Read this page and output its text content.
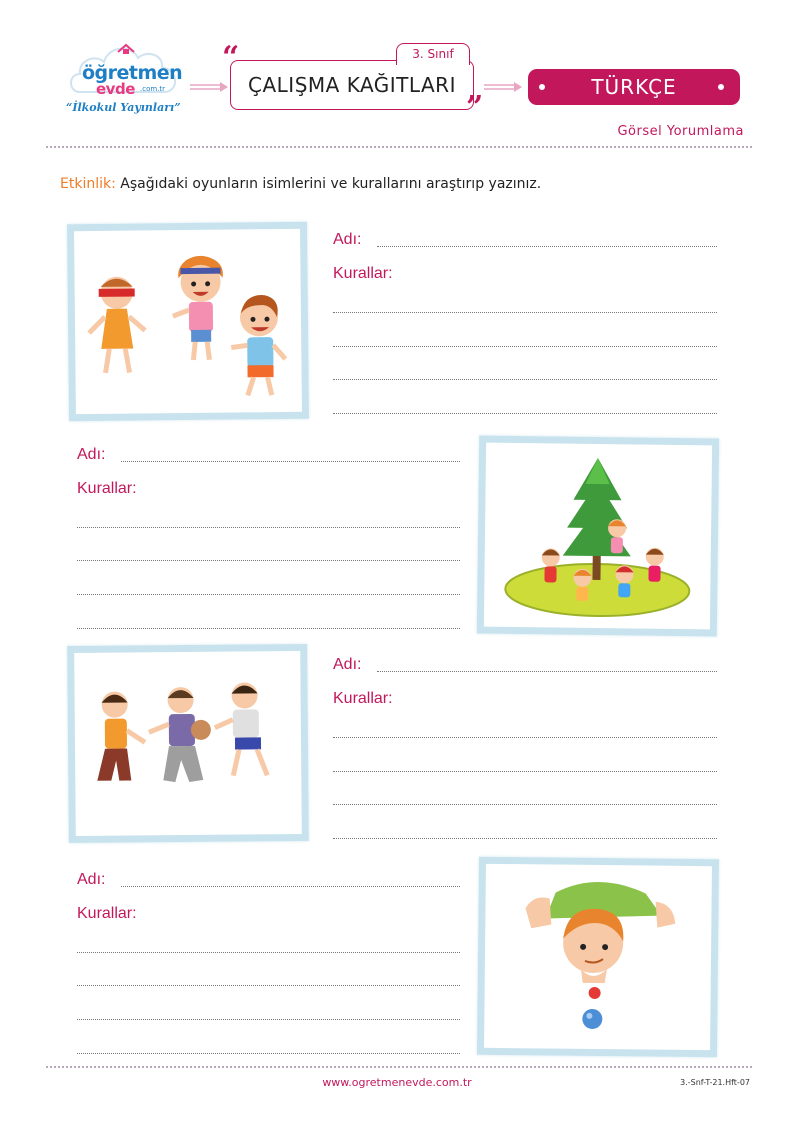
öğretmen
evde .com.tr
“İlkokul Yayınları”
3. Sınıf
“
ÇALIŞMA KAĞITLARI
”
TÜRKÇE
Görsel Yorumlama
Etkinlik: Aşağıdaki oyunların isimlerini ve kurallarını araştırıp yazınız.
Adı:
Kurallar:
Adı:
Kurallar:
Adı:
Kurallar:
Adı:
Kurallar:
www.ogretmenevde.com.tr	3.-Snf-T-21.Hft-07
